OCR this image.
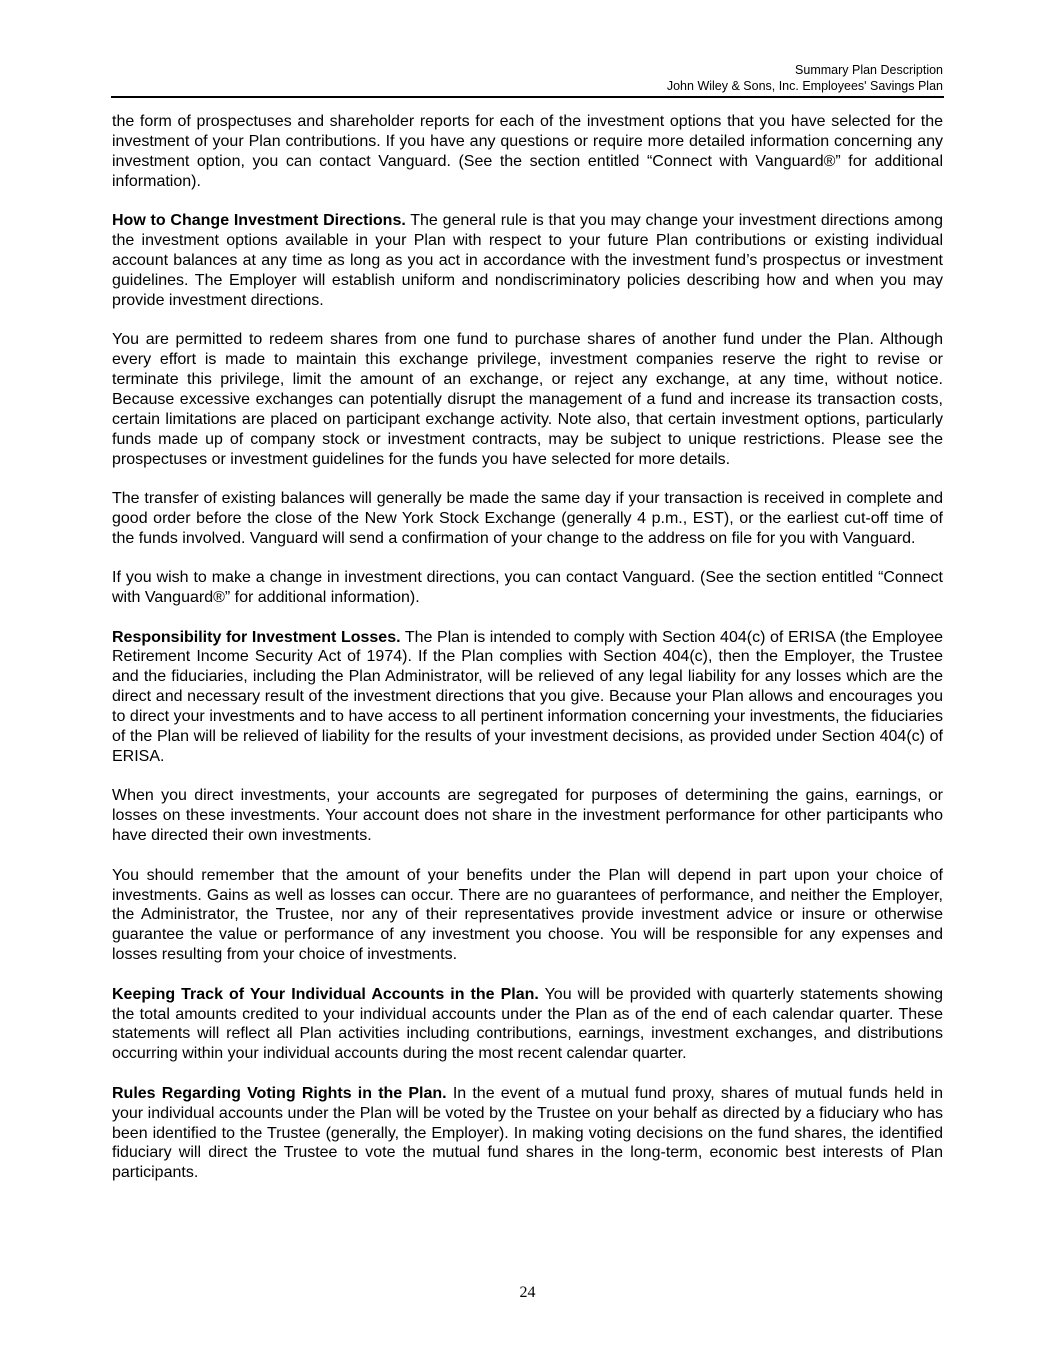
Summary Plan Description
John Wiley & Sons, Inc. Employees' Savings Plan

the form of prospectuses and shareholder reports for each of the investment options that you have selected for the investment of your Plan contributions. If you have any questions or require more detailed information concerning any investment option, you can contact Vanguard. (See the section entitled “Connect with Vanguard®” for additional information).

How to Change Investment Directions. The general rule is that you may change your investment directions among the investment options available in your Plan with respect to your future Plan contributions or existing individual account balances at any time as long as you act in accordance with the investment fund’s prospectus or investment guidelines. The Employer will establish uniform and nondiscriminatory policies describing how and when you may provide investment directions.

You are permitted to redeem shares from one fund to purchase shares of another fund under the Plan. Although every effort is made to maintain this exchange privilege, investment companies reserve the right to revise or terminate this privilege, limit the amount of an exchange, or reject any exchange, at any time, without notice. Because excessive exchanges can potentially disrupt the management of a fund and increase its transaction costs, certain limitations are placed on participant exchange activity. Note also, that certain investment options, particularly funds made up of company stock or investment contracts, may be subject to unique restrictions. Please see the prospectuses or investment guidelines for the funds you have selected for more details.

The transfer of existing balances will generally be made the same day if your transaction is received in complete and good order before the close of the New York Stock Exchange (generally 4 p.m., EST), or the earliest cut-off time of the funds involved. Vanguard will send a confirmation of your change to the address on file for you with Vanguard.

If you wish to make a change in investment directions, you can contact Vanguard. (See the section entitled “Connect with Vanguard®” for additional information).

Responsibility for Investment Losses. The Plan is intended to comply with Section 404(c) of ERISA (the Employee Retirement Income Security Act of 1974). If the Plan complies with Section 404(c), then the Employer, the Trustee and the fiduciaries, including the Plan Administrator, will be relieved of any legal liability for any losses which are the direct and necessary result of the investment directions that you give. Because your Plan allows and encourages you to direct your investments and to have access to all pertinent information concerning your investments, the fiduciaries of the Plan will be relieved of liability for the results of your investment decisions, as provided under Section 404(c) of ERISA.

When you direct investments, your accounts are segregated for purposes of determining the gains, earnings, or losses on these investments. Your account does not share in the investment performance for other participants who have directed their own investments.

You should remember that the amount of your benefits under the Plan will depend in part upon your choice of investments. Gains as well as losses can occur. There are no guarantees of performance, and neither the Employer, the Administrator, the Trustee, nor any of their representatives provide investment advice or insure or otherwise guarantee the value or performance of any investment you choose. You will be responsible for any expenses and losses resulting from your choice of investments.

Keeping Track of Your Individual Accounts in the Plan. You will be provided with quarterly statements showing the total amounts credited to your individual accounts under the Plan as of the end of each calendar quarter. These statements will reflect all Plan activities including contributions, earnings, investment exchanges, and distributions occurring within your individual accounts during the most recent calendar quarter.

Rules Regarding Voting Rights in the Plan. In the event of a mutual fund proxy, shares of mutual funds held in your individual accounts under the Plan will be voted by the Trustee on your behalf as directed by a fiduciary who has been identified to the Trustee (generally, the Employer). In making voting decisions on the fund shares, the identified fiduciary will direct the Trustee to vote the mutual fund shares in the long-term, economic best interests of Plan participants.

24
